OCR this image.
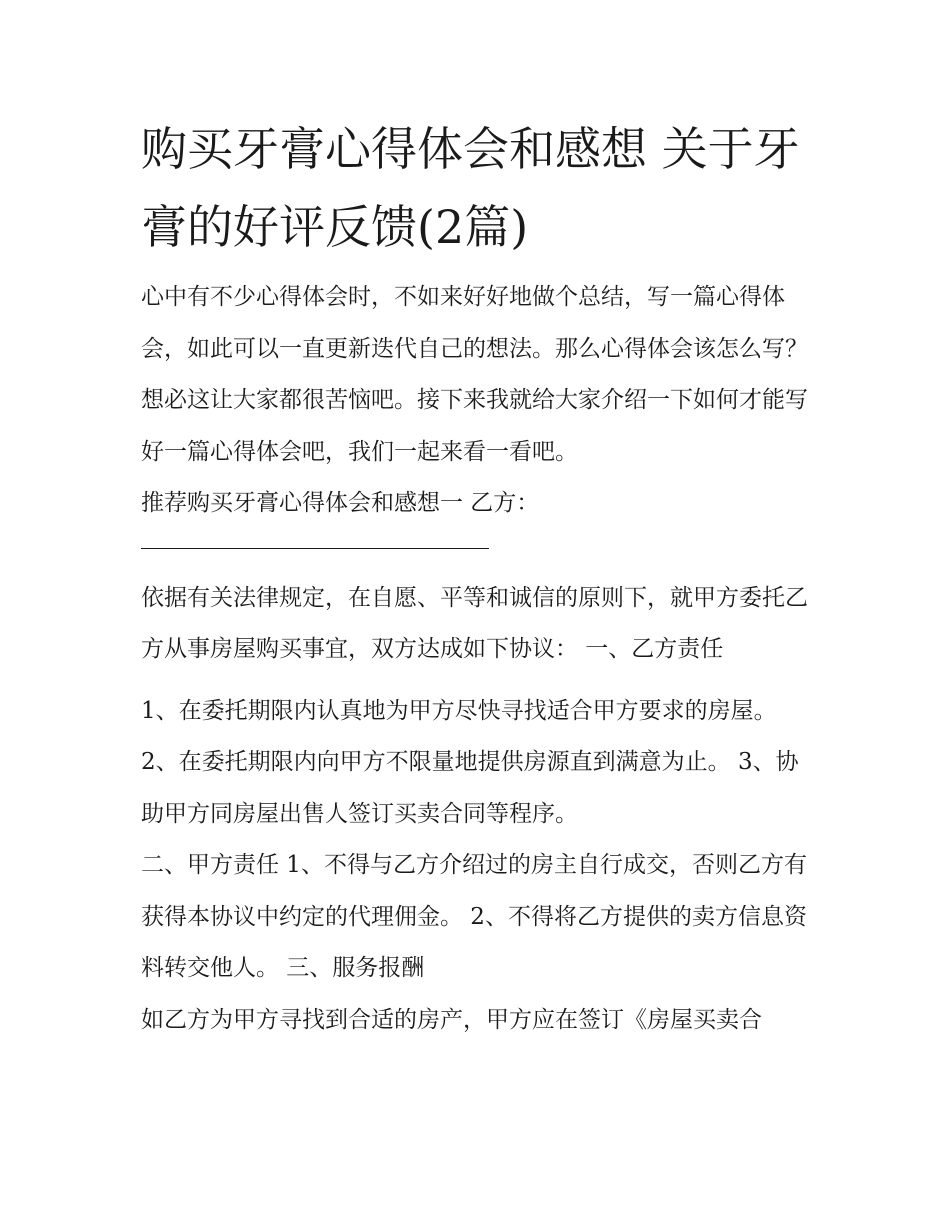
购买牙膏心得体会和感想 关于牙膏的好评反馈(2篇)

心中有不少心得体会时，不如来好好地做个总结，写一篇心得体会，如此可以一直更新迭代自己的想法。那么心得体会该怎么写？想必这让大家都很苦恼吧。接下来我就给大家介绍一下如何才能写好一篇心得体会吧，我们一起来看一看吧。

推荐购买牙膏心得体会和感想一 乙方：

依据有关法律规定，在自愿、平等和诚信的原则下，就甲方委托乙方从事房屋购买事宜，双方达成如下协议： 一、乙方责任

1、在委托期限内认真地为甲方尽快寻找适合甲方要求的房屋。 2、在委托期限内向甲方不限量地提供房源直到满意为止。 3、协助甲方同房屋出售人签订买卖合同等程序。

二、甲方责任 1、不得与乙方介绍过的房主自行成交，否则乙方有获得本协议中约定的代理佣金。 2、不得将乙方提供的卖方信息资料转交他人。 三、服务报酬

如乙方为甲方寻找到合适的房产，甲方应在签订《房屋买卖合
